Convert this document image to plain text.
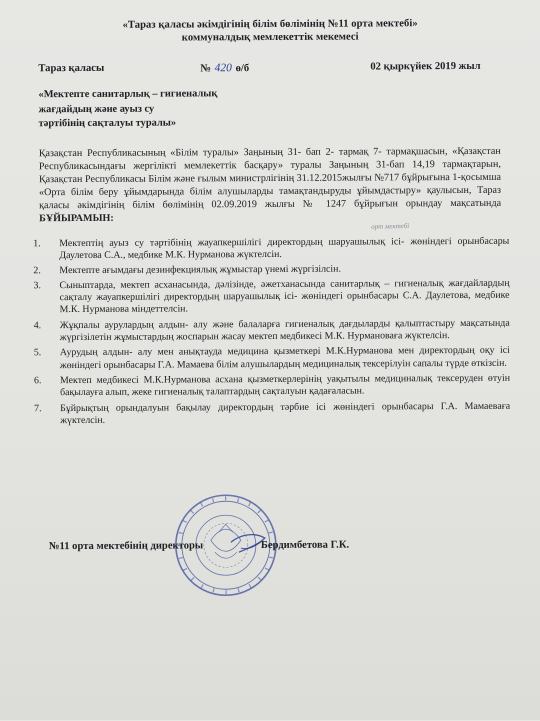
«Тараз қаласы әкімдігінің білім бөлімінің №11 орта мектебі»
коммуналдық мемлекеттік мекемесі
Тараз қаласы	№ 420 ө/б	02 қыркүйек 2019 жыл
«Мектепте санитарлық – гигиеналық
жағдайдың және ауыз су
тәртібінің сақталуы туралы»
Қазақстан Республикасының «Білім туралы» Заңының 31- бап 2- тармақ 7- тармақшасын, «Қазақстан Республикасындағы жергілікті мемлекеттік басқару» туралы Заңының 31-бап 14,19 тармақтарын, Қазақстан Республикасы Білім және ғылым министрлігінің 31.12.2015жылғы №717 бұйрығына 1-қосымша «Орта білім беру ұйымдарында білім алушыларды тамақтандыруды ұйымдастыру» қаулысын, Тараз қаласы әкімдігінің білім бөлімінің 02.09.2019 жылғы № 1247 бұйрығын орындау мақсатында БҰЙЫРАМЫН:
орт мектебі
1.	Мектептің ауыз су тәртібінің жауапкершілігі директордың шаруашылық ісі- жөніндегі орынбасары Даулетова С.А., медбике М.К. Нурманова жүктелсін.
2.	Мектепте ағымдағы дезинфекциялық жұмыстар үнемі жүргізілсін.
3.	Сыныптарда, мектеп асханасында, дәлізінде, әжетханасында санитарлық – гигиеналық жағдайлардың сақталу жауапкершілігі директордың шаруашылық ісі- жөніндегі орынбасары С.А. Даулетова, медбике М.К. Нурманова міндеттелсін.
4.	Жұқпалы аурулардың алдын- алу және балаларға гигиеналық дағдыларды қалыптастыру мақсатында жүргізілетін жұмыстардың жоспарын жасау мектеп медбикесі М.К. Нурмановаға жүктелсін.
5.	Аурудың алдын- алу мен анықтауда медицина қызметкері М.К.Нурманова мен директордың оқу ісі жөніндегі орынбасары Г.А. Мамаева білім алушылардың медициналық тексерілуін сапалы түрде өткізсін.
6.	Мектеп медбикесі М.К.Нурманова асхана қызметкерлерінің уақытылы медициналық тексеруден өтуін бақылауға алып, жеке гигиеналық талаптардың сақталуын қадағаласын.
7.	Бұйрықтың орындалуын бақылау директордың тәрбие ісі жөніндегі орынбасары Г.А. Мамаеваға жүктелсін.
№11 орта мектебінің директоры	Бердимбетова Г.К.
